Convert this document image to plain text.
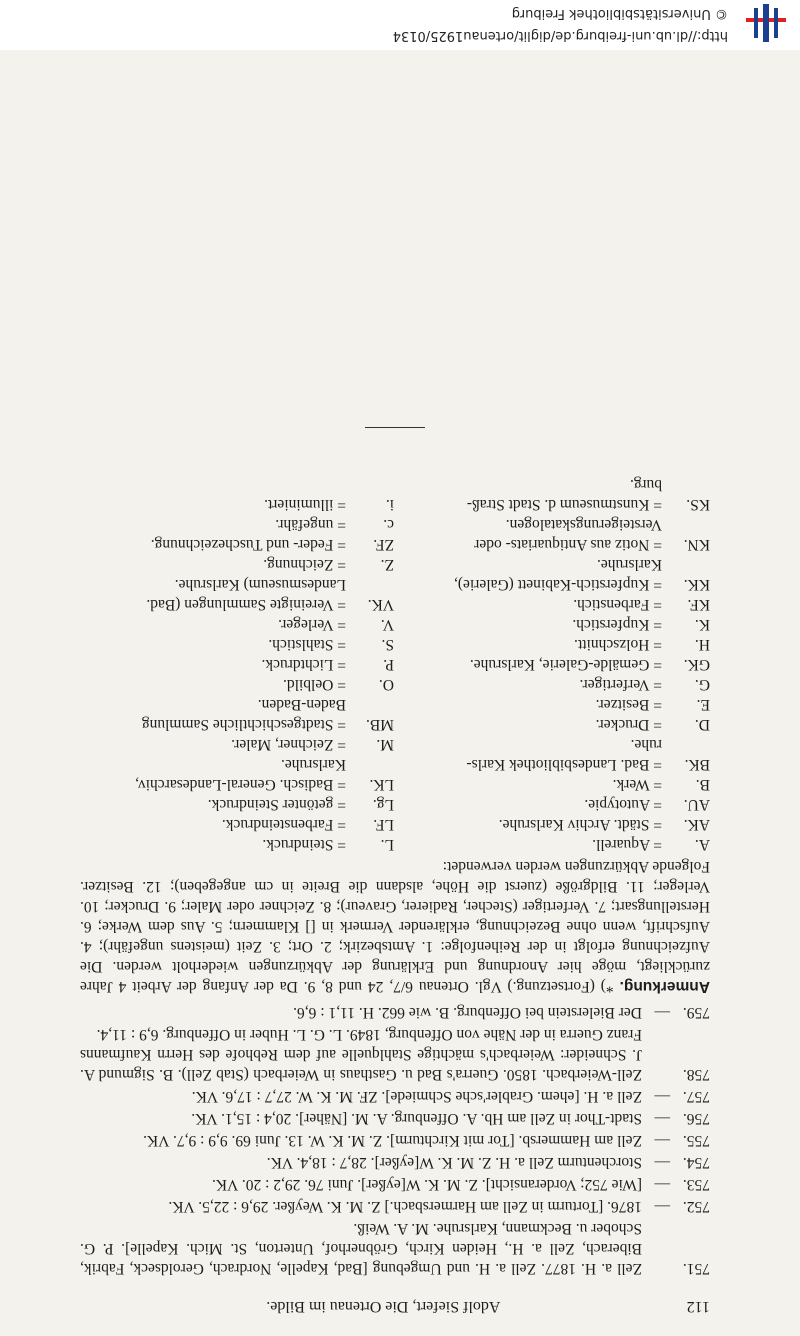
http://dl.ub.uni-freiburg.de/diglit/ortenau1925/0134
© Universitätsbibliothek Freiburg
112
Adolf Siefert, Die Ortenau im Bilde.
751.
Zell a. H. 1877. Zell a. H. und Umgebung [Bad, Kapelle, Nordrach, Geroldseck, Fabrik, Biberach, Zell a. H., Heiden Kirch, Gröbnerhof, Unterton, St. Mich. Kapelle]. P. G. Schober u. Beckmann, Karlsruhe. M. A. Weiß.
752.
—
1876. [Torturm in Zell am Harmersbach.] Z. M. K. Weyßer. 29,6 : 22,5. VK.
753.
—
[Wie 752; Vorderansicht]. Z. M. K. W[eyßer]. Juni 76. 29,2 : 20. VK.
754.
—
Storchenturm Zell a. H. Z. M. K. W[eyßer]. 28,7 : 18,4. VK.
755.
—
Zell am Hammersb. [Tor mit Kirchturm]. Z. M. K. W. 13. Juni 69. 9,9 : 9,7. VK.
756.
—
Stadt-Thor in Zell am Hb. A. Offenburg. A. M. [Näher]. 20,4 : 15,1. VK.
757.
—
Zell a. H. [ehem. Grabler'sche Schmiede]. ZF. M. K. W. 27,7 : 17,6. VK.
758.
Zell-Weierbach. 1850. Guerra's Bad u. Gasthaus in Weierbach (Stab Zell). B. Sigmund A. J. Schneider: Weierbach's mächtige Stahlquelle auf dem Rebhofe des Herrn Kaufmanns Franz Guerra in der Nähe von Offenburg, 1849. L. G. L. Huber in Offenburg. 6,9 : 11,4.
759.
—
Der Bielerstein bei Offenburg. B. wie 662. H. 11,1 : 6,6.
Anmerkung. *) (Fortsetzung.) Vgl. Ortenau 6/7, 24 und 8, 9. Da der Anfang der Arbeit 4 Jahre zurückliegt, möge hier Anordnung und Erklärung der Abkürzungen wiederholt werden. Die Aufzeichnung erfolgt in der Reihenfolge: 1. Amtsbezirk; 2. Ort; 3. Zeit (meistens ungefähr); 4. Aufschrift, wenn ohne Bezeichnung, erklärender Vermerk in [] Klammern; 5. Aus dem Werke; 6. Herstellungsart; 7. Verfertiger (Stecher, Radierer, Graveur); 8. Zeichner oder Maler; 9. Drucker; 10. Verleger; 11. Bildgröße (zuerst die Höhe, alsdann die Breite in cm angegeben); 12. Besitzer. Folgende Abkürzungen werden verwendet:
A.
= Aquarell.
L.
= Steindruck.
AK.
= Städt. Archiv Karlsruhe.
LF.
= Farbensteindruck.
AU.
= Autotypie.
Lg.
= getönter Steindruck.
B.
= Werk.
LK.
= Badisch. General-Landesarchiv,
BK.
= Bad. Landesbibliothek Karls-
Karlsruhe.
ruhe.
M.
= Zeichner, Maler.
D.
= Drucker.
MB.
= Stadtgeschichtliche Sammlung
E.
= Besitzer.
Baden-Baden.
G.
= Verfertiger.
O.
= Oelbild.
GK.
= Gemälde-Galerie, Karlsruhe.
P.
= Lichtdruck.
H.
= Holzschnitt.
S.
= Stahlstich.
K.
= Kupferstich.
V.
= Verleger.
KF.
= Farbenstich.
VK.
= Vereinigte Sammlungen (Bad.
KK.
= Kupferstich-Kabinett (Galerie),
Landesmuseum) Karlsruhe.
Karlsruhe.
Z.
= Zeichnung.
KN.
= Notiz aus Antiquariats- oder
ZF.
= Feder- und Tuschezeichnung.
Versteigerungskatalogen.
c.
= ungefähr.
KS.
= Kunstmuseum d. Stadt Straß-
i.
= illuminiert.
burg.
